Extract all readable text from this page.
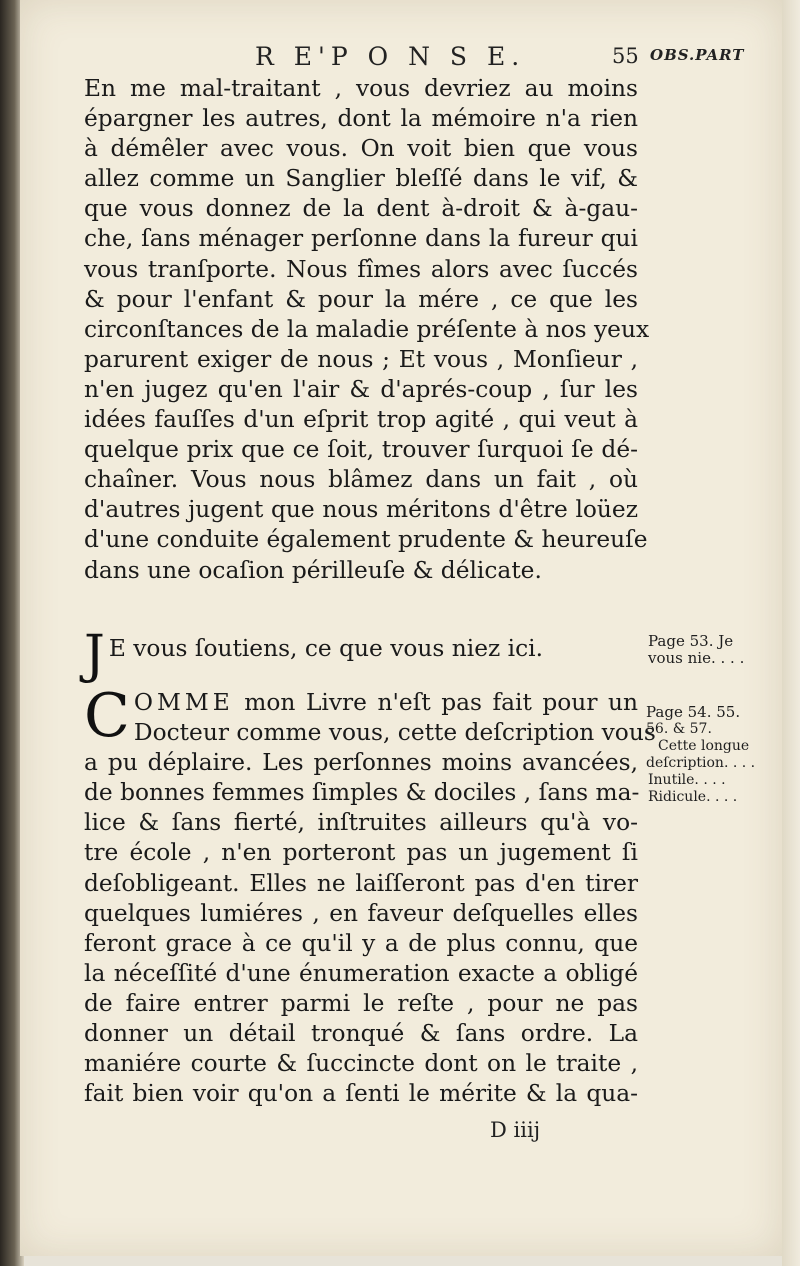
R E'P O N S E.	55 OBS.PART
En me mal-traitant , vous devriez au moins
épargner les autres, dont la mémoire n'a rien
à démêler avec vous. On voit bien que vous
allez comme un Sanglier bleſſé dans le vif, &
que vous donnez de la dent à-droit & à-gau-
che, ſans ménager perſonne dans la fureur qui
vous tranſporte. Nous fîmes alors avec ſuccés
& pour l'enfant & pour la mére , ce que les
circonſtances de la maladie préſente à nos yeux
parurent exiger de nous ; Et vous , Monſieur ,
n'en jugez qu'en l'air & d'aprés-coup , ſur les
idées fauſſes d'un eſprit trop agité , qui veut à
quelque prix que ce ſoit, trouver ſurquoi ſe dé-
chaîner. Vous nous blâmez dans un fait , où
d'autres jugent que nous méritons d'être loüez
d'une conduite également prudente & heureuſe
dans une ocaſion périlleuſe & délicate.
J E vous ſoutiens, ce que vous niez ici.
C OMME mon Livre n'eſt pas fait pour un
Docteur comme vous, cette deſcription vous
a pu déplaire. Les perſonnes moins avancées,
de bonnes femmes ſimples & dociles , ſans ma-
lice & ſans fierté, inſtruites ailleurs qu'à vo-
tre école , n'en porteront pas un jugement ſi
deſobligeant. Elles ne laiſſeront pas d'en tirer
quelques lumiéres , en faveur deſquelles elles
feront grace à ce qu'il y a de plus connu, que
la néceſſité d'une énumeration exacte a obligé
de faire entrer parmi le reſte , pour ne pas
donner un détail tronqué & ſans ordre. La
maniére courte & ſuccincte dont on le traite ,
fait bien voir qu'on a ſenti le mérite & la qua-
Page 53. Je
vous nie. . . .
Page 54. 55.
56. & 57.
Cette longue
deſcription. . . .
Inutile. . . .
Ridicule. . . .
D iiij
